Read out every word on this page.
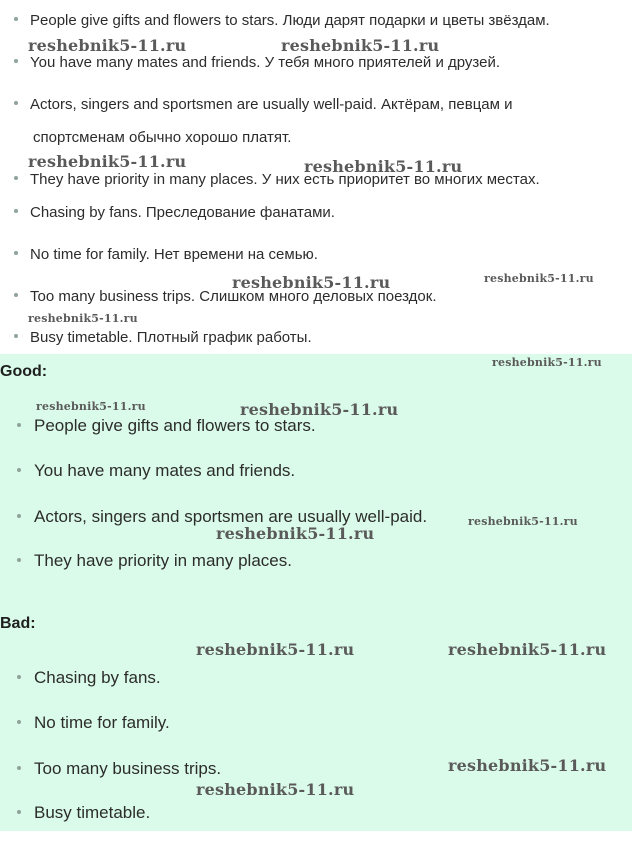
People give gifts and flowers to stars. Люди дарят подарки и цветы звёздам.
You have many mates and friends. У тебя много приятелей и друзей.
Actors, singers and sportsmen are usually well-paid. Актёрам, певцам и
спортсменам обычно хорошо платят.
They have priority in many places. У них есть приоритет во многих местах.
Chasing by fans. Преследование фанатами.
No time for family. Нет времени на семью.
Too many business trips. Слишком много деловых поездок.
Busy timetable. Плотный график работы.
Good:
People give gifts and flowers to stars.
You have many mates and friends.
Actors, singers and sportsmen are usually well-paid.
They have priority in many places.
Bad:
Chasing by fans.
No time for family.
Too many business trips.
Busy timetable.
reshebnik5-11.ru	reshebnik5-11.ru
reshebnik5-11.ru	reshebnik5-11.ru
reshebnik5-11.ru	reshebnik5-11.ru
reshebnik5-11.ru
reshebnik5-11.ru
reshebnik5-11.ru	reshebnik5-11.ru
reshebnik5-11.ru
reshebnik5-11.ru
reshebnik5-11.ru	reshebnik5-11.ru
reshebnik5-11.ru
reshebnik5-11.ru
